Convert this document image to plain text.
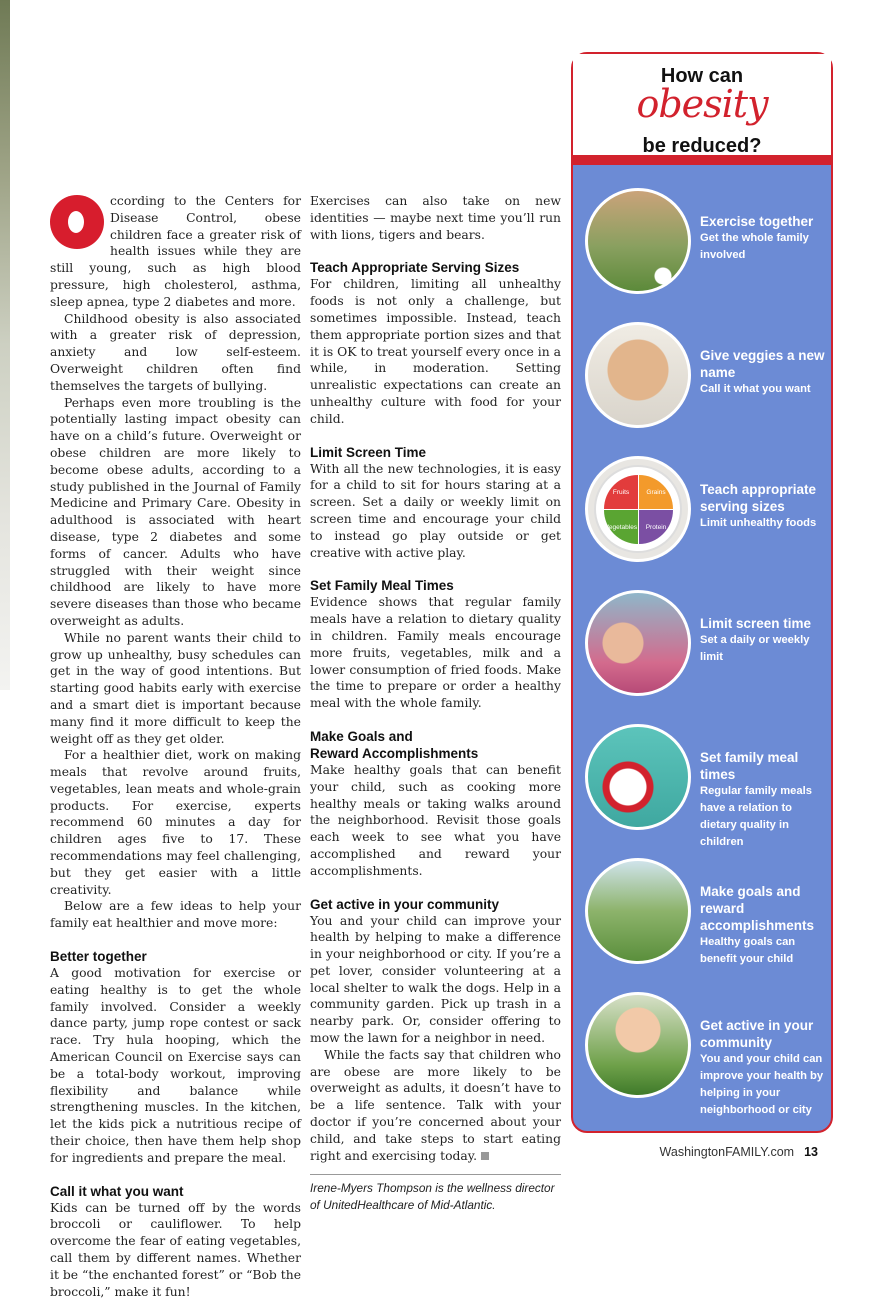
ccording to the Centers for Disease Control, obese children face a greater risk of health issues while they are still young, such as high blood pressure, high cholesterol, asthma, sleep apnea, type 2 diabetes and more.

Childhood obesity is also associated with a greater risk of depression, anxiety and low self-esteem. Overweight children often find themselves the targets of bullying.

Perhaps even more troubling is the potentially lasting impact obesity can have on a child’s future. Overweight or obese children are more likely to become obese adults, according to a study published in the Journal of Family Medicine and Primary Care. Obesity in adulthood is associated with heart disease, type 2 diabetes and some forms of cancer. Adults who have struggled with their weight since childhood are likely to have more severe diseases than those who became overweight as adults.

While no parent wants their child to grow up unhealthy, busy schedules can get in the way of good intentions. But starting good habits early with exercise and a smart diet is important because many find it more difficult to keep the weight off as they get older.

For a healthier diet, work on making meals that revolve around fruits, vegetables, lean meats and whole-grain products. For exercise, experts recommend 60 minutes a day for children ages five to 17. These recommendations may feel challenging, but they get easier with a little creativity.

Below are a few ideas to help your family eat healthier and move more:

Better together

A good motivation for exercise or eating healthy is to get the whole family involved. Consider a weekly dance party, jump rope contest or sack race. Try hula hooping, which the American Council on Exercise says can be a total-body workout, improving flexibility and balance while strengthening muscles. In the kitchen, let the kids pick a nutritious recipe of their choice, then have them help shop for ingredients and prepare the meal.

Call it what you want

Kids can be turned off by the words broccoli or cauliflower. To help overcome the fear of eating vegetables, call them by different names. Whether it be “the enchanted forest” or “Bob the broccoli,” make it fun!

Exercises can also take on new identities — maybe next time you’ll run with lions, tigers and bears.

Teach Appropriate Serving Sizes

For children, limiting all unhealthy foods is not only a challenge, but sometimes impossible. Instead, teach them appropriate portion sizes and that it is OK to treat yourself every once in a while, in moderation. Setting unrealistic expectations can create an unhealthy culture with food for your child.

Limit Screen Time

With all the new technologies, it is easy for a child to sit for hours staring at a screen. Set a daily or weekly limit on screen time and encourage your child to instead go play outside or get creative with active play.

Set Family Meal Times

Evidence shows that regular family meals have a relation to dietary quality in children. Family meals encourage more fruits, vegetables, milk and a lower consumption of fried foods. Make the time to prepare or order a healthy meal with the whole family.

Make Goals and
Reward Accomplishments

Make healthy goals that can benefit your child, such as cooking more healthy meals or taking walks around the neighborhood. Revisit those goals each week to see what you have accomplished and reward your accomplishments.

Get active in your community

You and your child can improve your health by helping to make a difference in your neighborhood or city. If you’re a pet lover, consider volunteering at a local shelter to walk the dogs. Help in a community garden. Pick up trash in a nearby park. Or, consider offering to mow the lawn for a neighbor in need.

While the facts say that children who are obese are more likely to be overweight as adults, it doesn’t have to be a life sentence. Talk with your doctor if you’re concerned about your child, and take steps to start eating right and exercising today.

Irene-Myers Thompson is the wellness director of UnitedHealthcare of Mid-Atlantic.
How can
obesity
be reduced?
Exercise together
Get the whole family involved
Give veggies a new name
Call it what you want
Fruits	Grains
Vegetables	Protein
Teach appropriate serving sizes
Limit unhealthy foods
Limit screen time
Set a daily or weekly limit
Set family meal times
Regular family meals have a relation to dietary quality in children
Make goals and reward accomplishments
Healthy goals can benefit your child
Get active in your community
You and your child can improve your health by helping in your neighborhood or city
WashingtonFAMILY.com 13
